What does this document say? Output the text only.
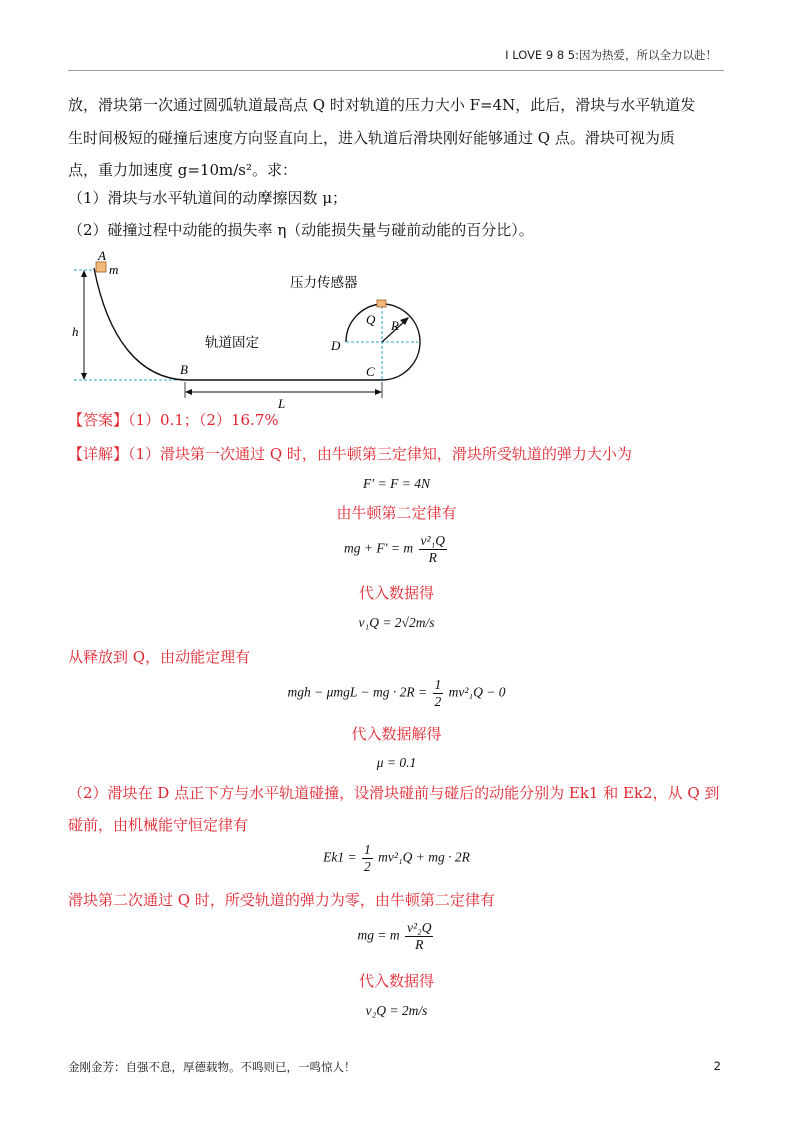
I LOVE 9 8 5:因为热爱，所以全力以赴！
放，滑块第一次通过圆弧轨道最高点 Q 时对轨道的压力大小 F=4N，此后，滑块与水平轨道发
生时间极短的碰撞后速度方向竖直向上，进入轨道后滑块刚好能够通过 Q 点。滑块可视为质
点，重力加速度 g=10m/s²。求：
（1）滑块与水平轨道间的动摩擦因数 μ；
（2）碰撞过程中动能的损失率 η（动能损失量与碰前动能的百分比）。
A
m
h
B	C
D
Q R
L
压力传感器
轨道固定
【答案】（1）0.1；（2）16.7%
【详解】（1）滑块第一次通过 Q 时，由牛顿第三定律知，滑块所受轨道的弹力大小为
F′ = F = 4N
由牛顿第二定律有
mg + F′ = m $\frac{\text{v²₁Q}}{R}$
代入数据得
v₁Q = 2√2m/s
从释放到 Q，由动能定理有
mgh − μmgL − mg · $2R = \frac{1}{2} mv^2_1Q - 0$
代入数据解得
μ = 0.1
（2）滑块在 D 点正下方与水平轨道碰撞，设滑块碰前与碰后的动能分别为 Ek1 和 Ek2，从 Q 到
碰前，由机械能守恒定律有
$Ek1 = \frac{1}{2} mv^2_1Q$ + mg · 2R
滑块第二次通过 Q 时，所受轨道的弹力为零，由牛顿第二定律有
mg = m $\frac{\text{v²₂Q}}{R}$
代入数据得
v₂Q = 2m/s
金刚金芳：自强不息，厚德载物。不鸣则已，一鸣惊人！	2
